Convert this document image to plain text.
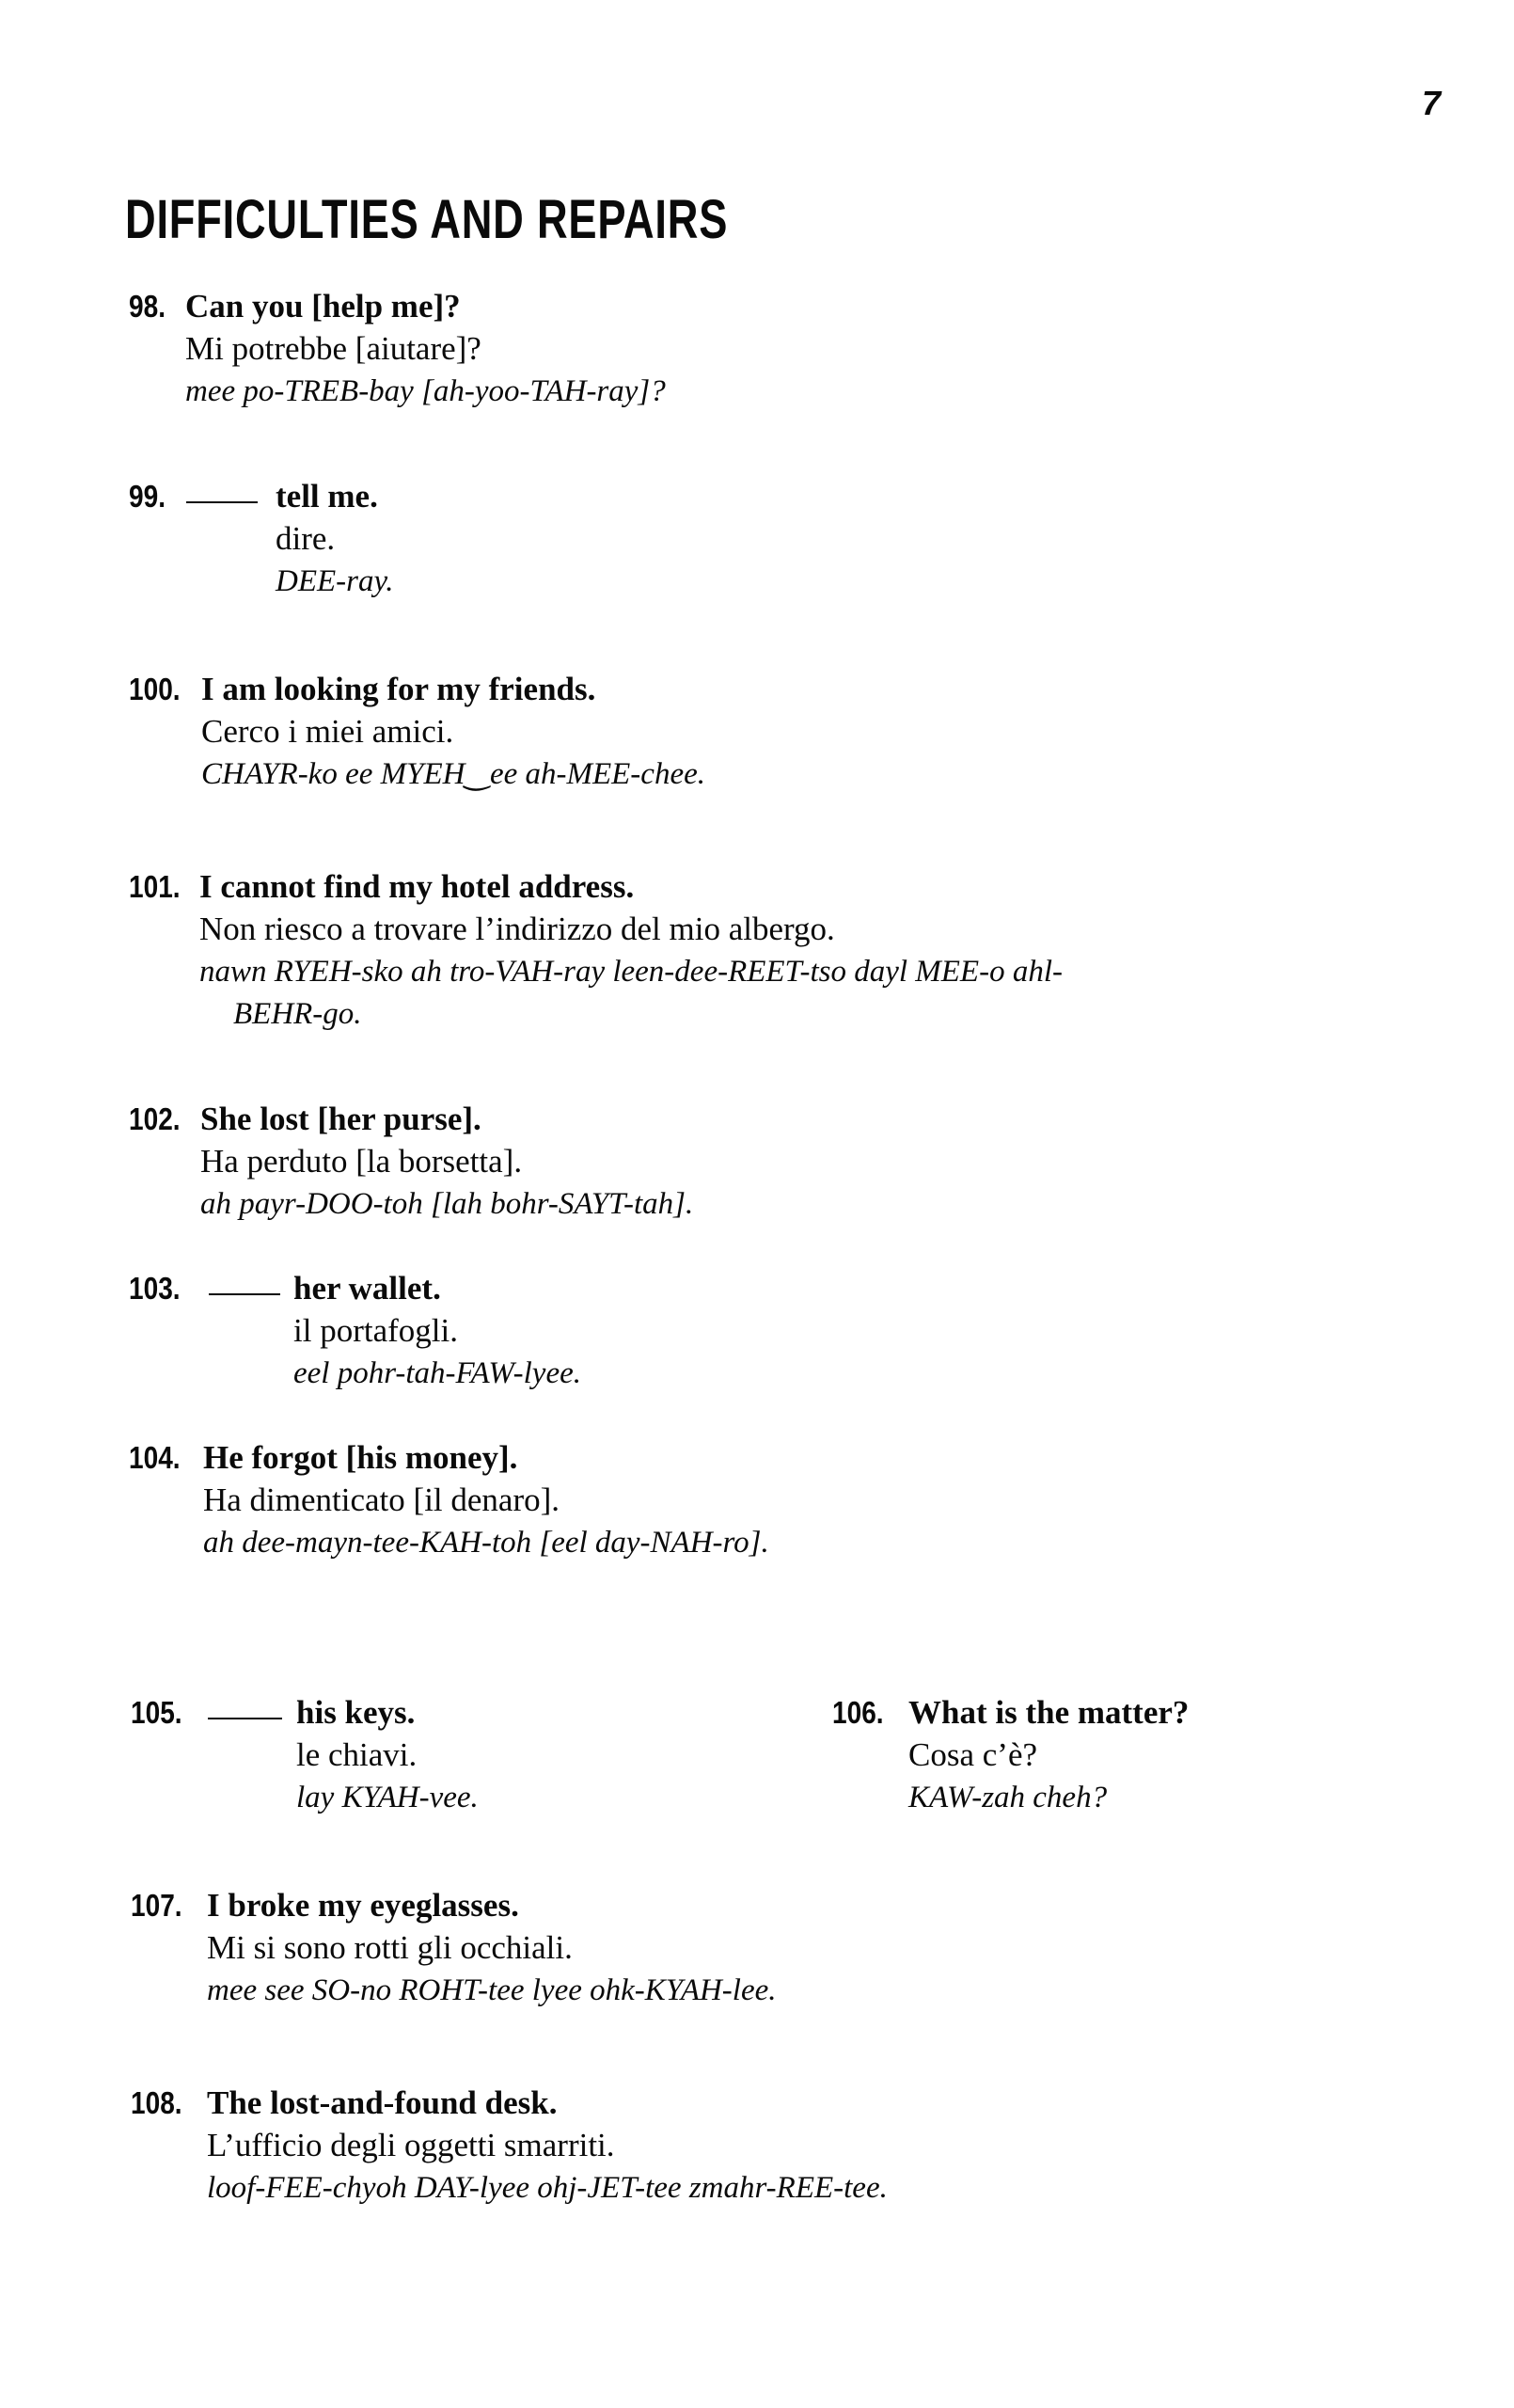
7
DIFFICULTIES AND REPAIRS
98. Can you [help me]?
Mi potrebbe [aiutare]?
mee po-TREB-bay [ah-yoo-TAH-ray]?
99.	tell me.
dire.
DEE-ray.
100. I am looking for my friends.
Cerco i miei amici.
CHAYR-ko ee MYEH‿ee ah-MEE-chee.
101. I cannot find my hotel address.
Non riesco a trovare l’indirizzo del mio albergo.
nawn RYEH-sko ah tro-VAH-ray leen-dee-REET-tso dayl MEE-o ahl-
BEHR-go.
102. She lost [her purse].
Ha perduto [la borsetta].
ah payr-DOO-toh [lah bohr-SAYT-tah].
103.	her wallet.
il portafogli.
eel pohr-tah-FAW-lyee.
104. He forgot [his money].
Ha dimenticato [il denaro].
ah dee-mayn-tee-KAH-toh [eel day-NAH-ro].
105.	his keys.
le chiavi.
lay KYAH-vee.
106. What is the matter?
Cosa c’è?
KAW-zah cheh?
107. I broke my eyeglasses.
Mi si sono rotti gli occhiali.
mee see SO-no ROHT-tee lyee ohk-KYAH-lee.
108. The lost-and-found desk.
L’ufficio degli oggetti smarriti.
loof-FEE-chyoh DAY-lyee ohj-JET-tee zmahr-REE-tee.
